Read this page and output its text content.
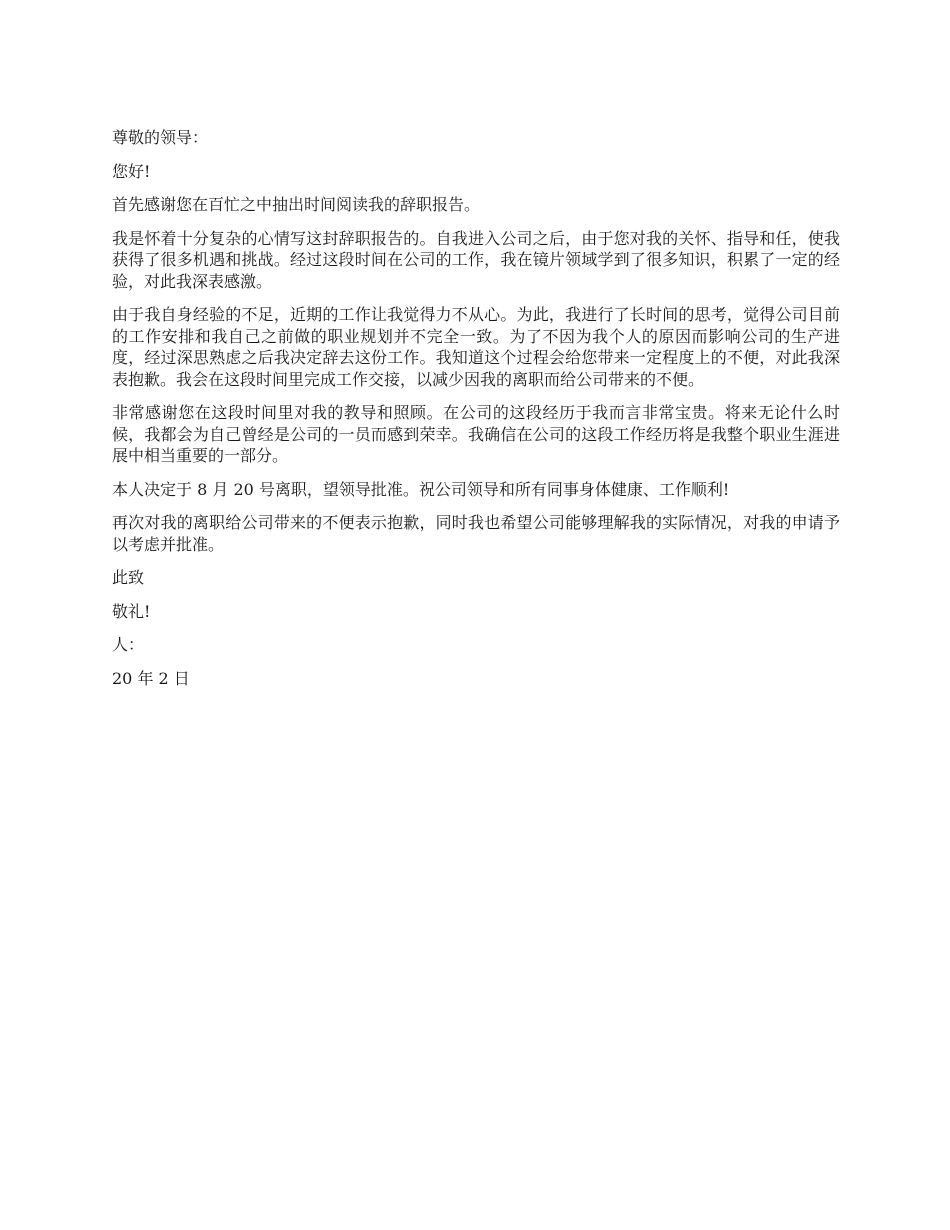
尊敬的领导：

您好!

首先感谢您在百忙之中抽出时间阅读我的辞职报告。

我是怀着十分复杂的心情写这封辞职报告的。自我进入公司之后，由于您对我的关怀、指导和任，使我获得了很多机遇和挑战。经过这段时间在公司的工作，我在镜片领域学到了很多知识，积累了一定的经验，对此我深表感激。

由于我自身经验的不足，近期的工作让我觉得力不从心。为此，我进行了长时间的思考，觉得公司目前的工作安排和我自己之前做的职业规划并不完全一致。为了不因为我个人的原因而影响公司的生产进度，经过深思熟虑之后我决定辞去这份工作。我知道这个过程会给您带来一定程度上的不便，对此我深表抱歉。我会在这段时间里完成工作交接，以减少因我的离职而给公司带来的不便。

非常感谢您在这段时间里对我的教导和照顾。在公司的这段经历于我而言非常宝贵。将来无论什么时候，我都会为自己曾经是公司的一员而感到荣幸。我确信在公司的这段工作经历将是我整个职业生涯进展中相当重要的一部分。

本人决定于 8 月 20 号离职，望领导批准。祝公司领导和所有同事身体健康、工作顺利!

再次对我的离职给公司带来的不便表示抱歉，同时我也希望公司能够理解我的实际情况，对我的申请予以考虑并批准。

此致

敬礼!

人：

20 年 2 日
